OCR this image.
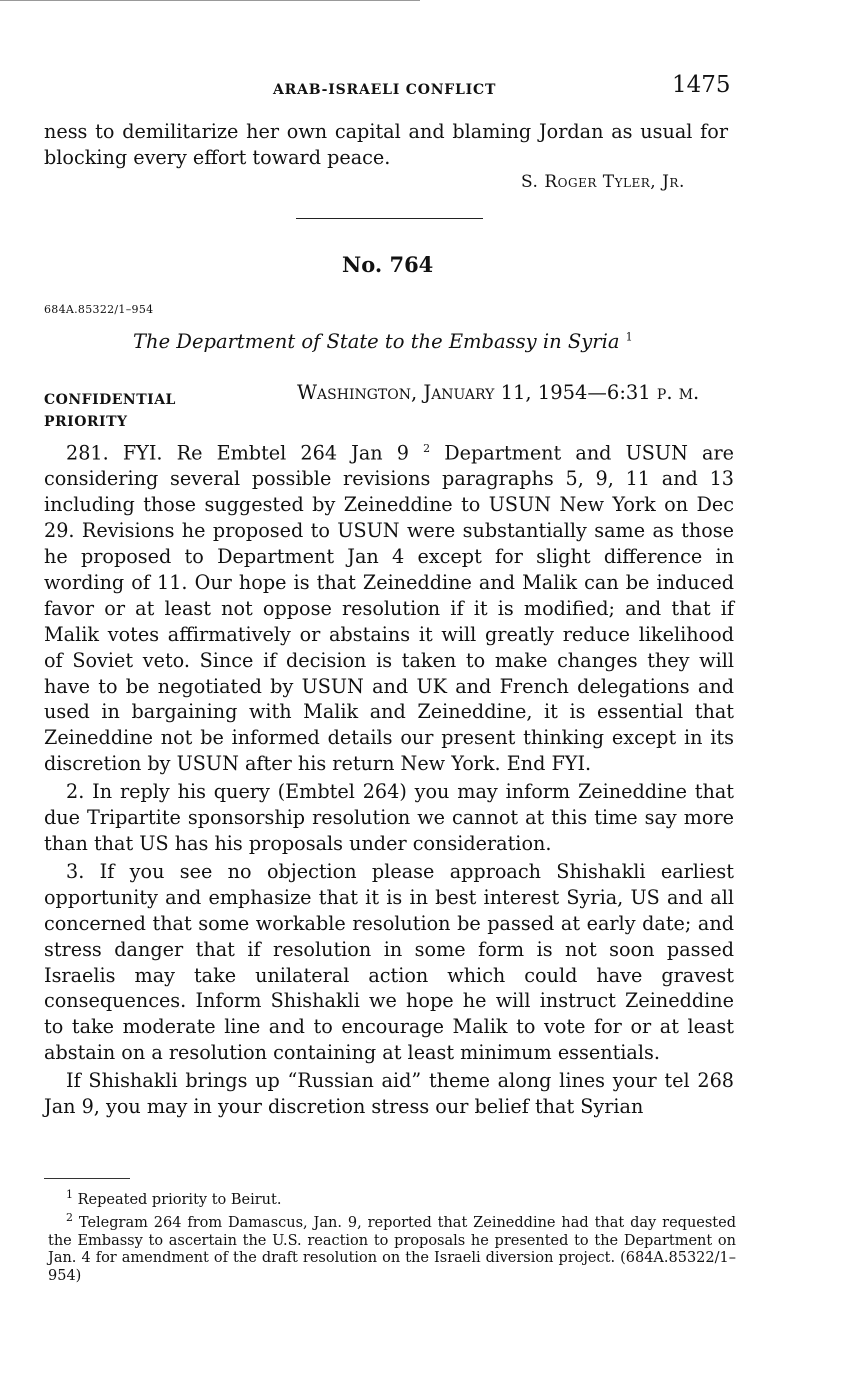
ARAB-ISRAELI CONFLICT	1475

ness to demilitarize her own capital and blaming Jordan as usual for blocking every effort toward peace.

S. Roger Tyler, Jr.
No. 764
684A.85322/1–954
The Department of State to the Embassy in Syria $^1$
CONFIDENTIAL
PRIORITY
Washington, January 11, 1954—6:31 p. m.

281. FYI. Re Embtel 264 Jan 9 $^2$ Department and USUN are considering several possible revisions paragraphs 5, 9, 11 and 13 including those suggested by Zeineddine to USUN New York on Dec 29. Revisions he proposed to USUN were substantially same as those he proposed to Department Jan 4 except for slight difference in wording of 11. Our hope is that Zeineddine and Malik can be induced favor or at least not oppose resolution if it is modified; and that if Malik votes affirmatively or abstains it will greatly reduce likelihood of Soviet veto. Since if decision is taken to make changes they will have to be negotiated by USUN and UK and French delegations and used in bargaining with Malik and Zeineddine, it is essential that Zeineddine not be informed details our present thinking except in its discretion by USUN after his return New York. End FYI.

2. In reply his query (Embtel 264) you may inform Zeineddine that due Tripartite sponsorship resolution we cannot at this time say more than that US has his proposals under consideration.

3. If you see no objection please approach Shishakli earliest opportunity and emphasize that it is in best interest Syria, US and all concerned that some workable resolution be passed at early date; and stress danger that if resolution in some form is not soon passed Israelis may take unilateral action which could have gravest consequences. Inform Shishakli we hope he will instruct Zeineddine to take moderate line and to encourage Malik to vote for or at least abstain on a resolution containing at least minimum essentials.

If Shishakli brings up “Russian aid” theme along lines your tel 268 Jan 9, you may in your discretion stress our belief that Syrian

$^1$ Repeated priority to Beirut.

$^2$ Telegram 264 from Damascus, Jan. 9, reported that Zeineddine had that day requested the Embassy to ascertain the U.S. reaction to proposals he presented to the Department on Jan. 4 for amendment of the draft resolution on the Israeli diversion project. (684A.85322/1–954)
